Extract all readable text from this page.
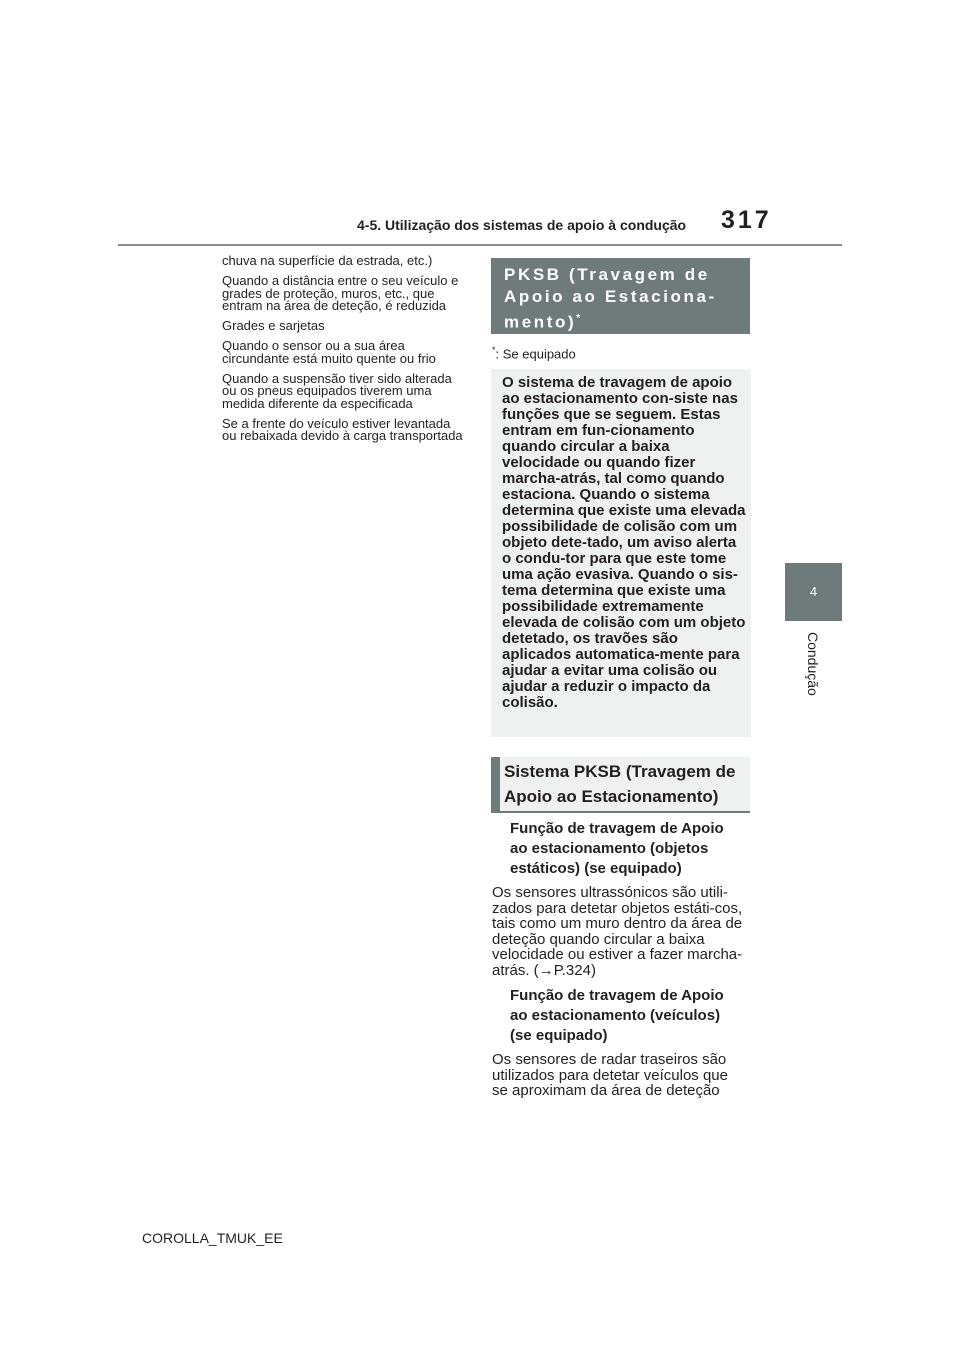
4-5. Utilização dos sistemas de apoio à condução 317
4
Condução

chuva na superfície da estrada, etc.)

Quando a distância entre o seu veículo e grades de proteção, muros, etc., que entram na área de deteção, é reduzida

Grades e sarjetas

Quando o sensor ou a sua área circundante está muito quente ou frio

Quando a suspensão tiver sido alterada ou os pneus equipados tiverem uma medida diferente da especificada

Se a frente do veículo estiver levantada ou rebaixada devido à carga transportada

PKSB (Travagem de Apoio ao Estaciona-mento)*
*: Se equipado
O sistema de travagem de apoio ao estacionamento con-siste nas funções que se seguem. Estas entram em fun-cionamento quando circular a baixa velocidade ou quando fizer marcha-atrás, tal como quando estaciona. Quando o sistema determina que existe uma elevada possibilidade de colisão com um objeto dete-tado, um aviso alerta o condu-tor para que este tome uma ação evasiva. Quando o sis-tema determina que existe uma possibilidade extremamente elevada de colisão com um objeto detetado, os travões são aplicados automatica-mente para ajudar a evitar uma colisão ou ajudar a reduzir o impacto da colisão.
Sistema PKSB (Travagem de Apoio ao Estacionamento)
Função de travagem de Apoio ao estacionamento (objetos estáticos) (se equipado)
Os sensores ultrassónicos são utili-zados para detetar objetos estáti-cos, tais como um muro dentro da área de deteção quando circular a baixa velocidade ou estiver a fazer marcha-atrás. (→P.324)
Função de travagem de Apoio ao estacionamento (veículos) (se equipado)
Os sensores de radar traseiros são utilizados para detetar veículos que se aproximam da área de deteção
COROLLA_TMUK_EE
